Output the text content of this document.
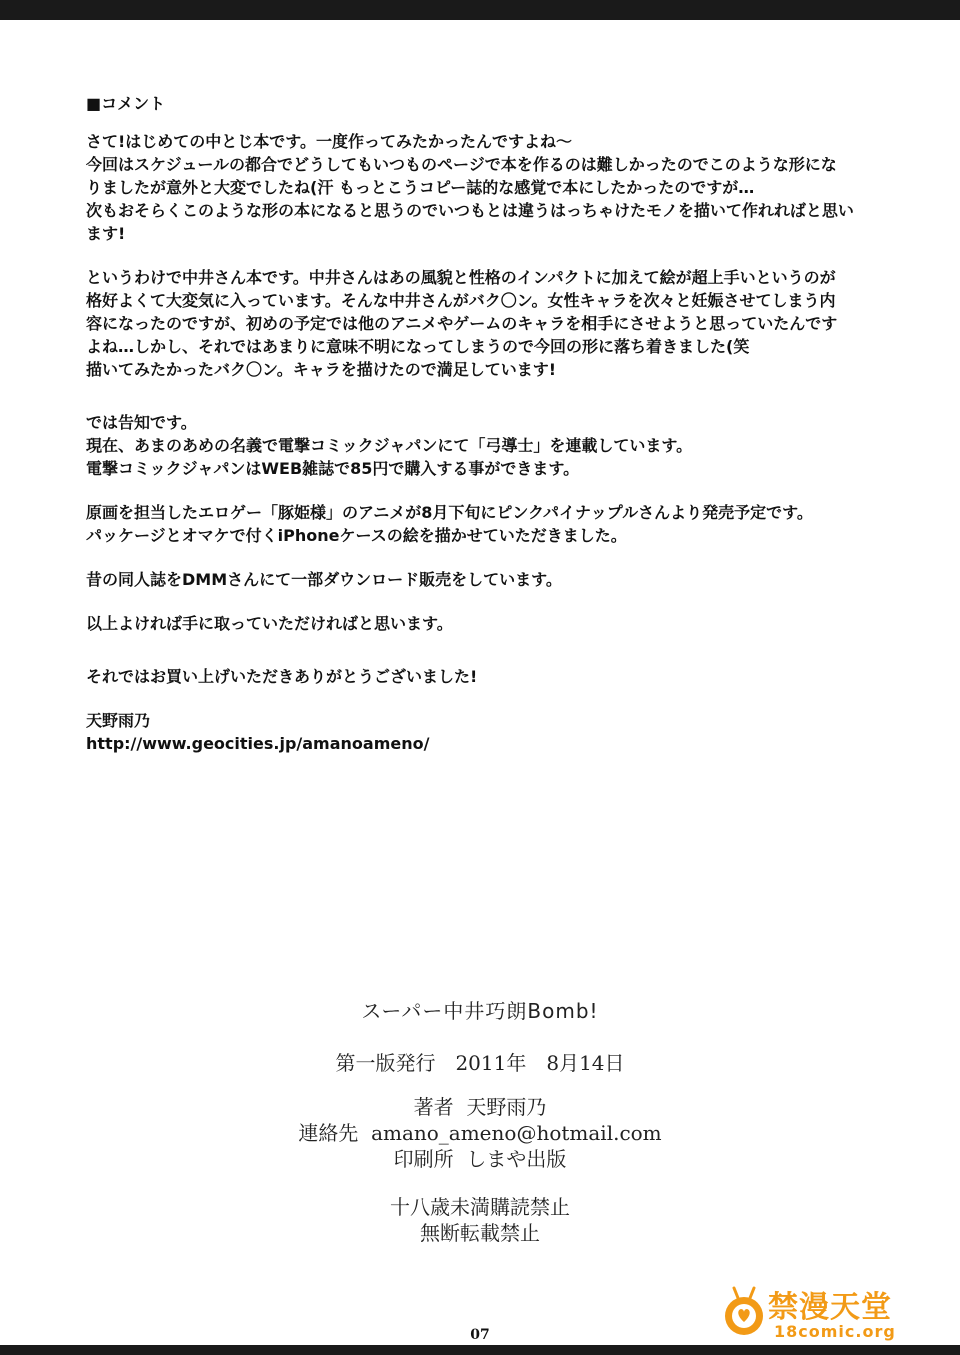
■コメント

さて!はじめての中とじ本です。一度作ってみたかったんですよね〜
今回はスケジュールの都合でどうしてもいつものページで本を作るのは難しかったのでこのような形にな
りましたが意外と大変でしたね(汗 もっとこうコピー誌的な感覚で本にしたかったのですが…
次もおそらくこのような形の本になると思うのでいつもとは違うはっちゃけたモノを描いて作れればと思い
ます!

というわけで中井さん本です。中井さんはあの風貌と性格のインパクトに加えて絵が超上手いというのが
格好よくて大変気に入っています。そんな中井さんがバク〇ン。女性キャラを次々と妊娠させてしまう内
容になったのですが、初めの予定では他のアニメやゲームのキャラを相手にさせようと思っていたんです
よね…しかし、それではあまりに意味不明になってしまうので今回の形に落ち着きました(笑
描いてみたかったバク〇ン。キャラを描けたので満足しています!

では告知です。
現在、あまのあめの名義で電撃コミックジャパンにて「弓導士」を連載しています。
電撃コミックジャパンはWEB雑誌で85円で購入する事ができます。

原画を担当したエロゲー「豚姫様」のアニメが8月下旬にピンクパイナップルさんより発売予定です。
パッケージとオマケで付くiPhoneケースの絵を描かせていただきました。

昔の同人誌をDMMさんにて一部ダウンロード販売をしています。

以上よければ手に取っていただければと思います。

それではお買い上げいただきありがとうございました!

天野雨乃
http://www.geocities.jp/amanoameno/

スーパー中井巧朗Bomb!
第一版発行　2011年　8月14日
著者 天野雨乃
連絡先 amano_ameno@hotmail.com
印刷所 しまや出版
十八歳未満購読禁止
無断転載禁止
07
禁漫天堂
18comic.org
